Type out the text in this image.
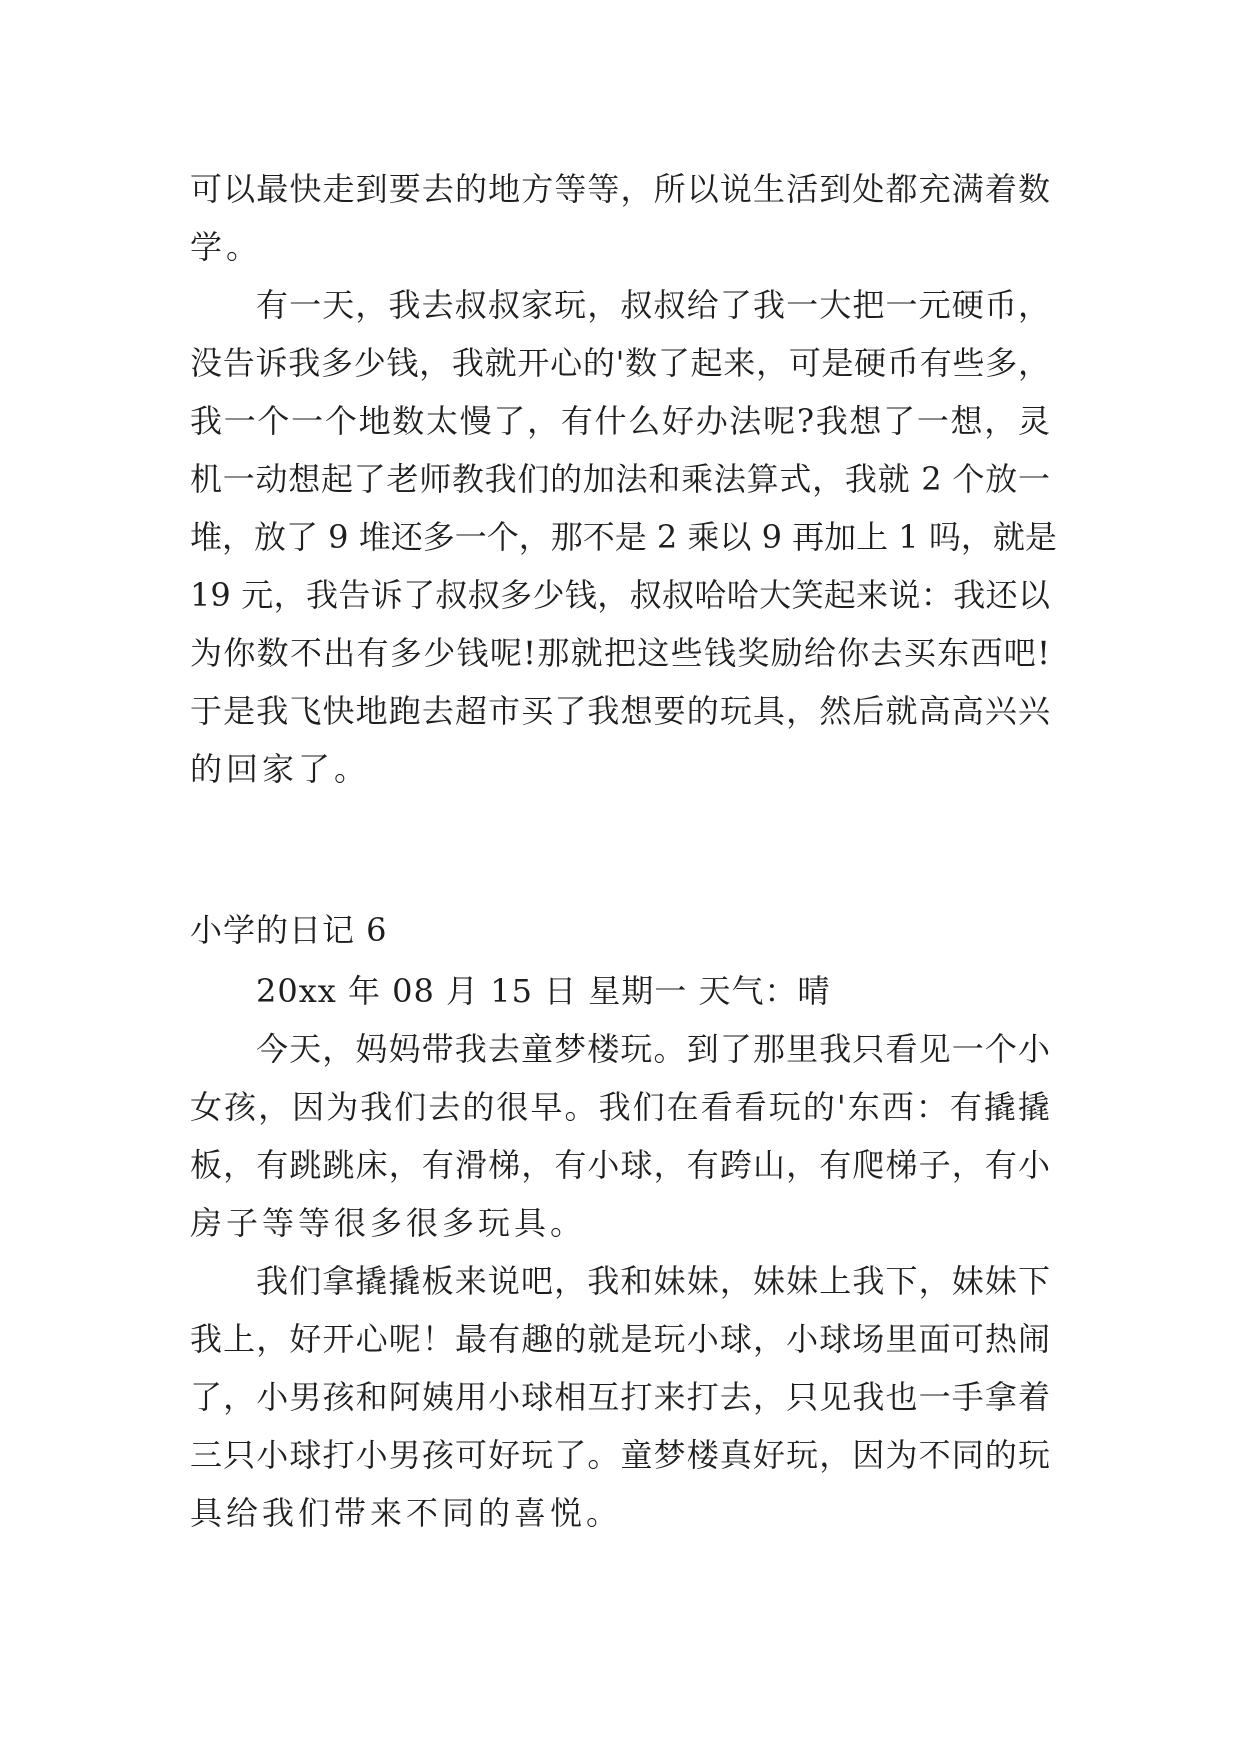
可以最快走到要去的地方等等，所以说生活到处都充满着数
学。
有一天，我去叔叔家玩，叔叔给了我一大把一元硬币，
没告诉我多少钱，我就开心的'数了起来，可是硬币有些多，
我一个一个地数太慢了，有什么好办法呢?我想了一想，灵
机一动想起了老师教我们的加法和乘法算式，我就 2 个放一
堆，放了 9 堆还多一个，那不是 2 乘以 9 再加上 1 吗，就是
19 元，我告诉了叔叔多少钱，叔叔哈哈大笑起来说：我还以
为你数不出有多少钱呢!那就把这些钱奖励给你去买东西吧!
于是我飞快地跑去超市买了我想要的玩具，然后就高高兴兴
的回家了。
小学的日记 6
20xx 年 08 月 15 日 星期一 天气：晴
今天，妈妈带我去童梦楼玩。到了那里我只看见一个小
女孩，因为我们去的很早。我们在看看玩的'东西：有撬撬
板，有跳跳床，有滑梯，有小球，有跨山，有爬梯子，有小
房子等等很多很多玩具。
我们拿撬撬板来说吧，我和妹妹，妹妹上我下，妹妹下
我上，好开心呢！最有趣的就是玩小球，小球场里面可热闹
了，小男孩和阿姨用小球相互打来打去，只见我也一手拿着
三只小球打小男孩可好玩了。童梦楼真好玩，因为不同的玩
具给我们带来不同的喜悦。
